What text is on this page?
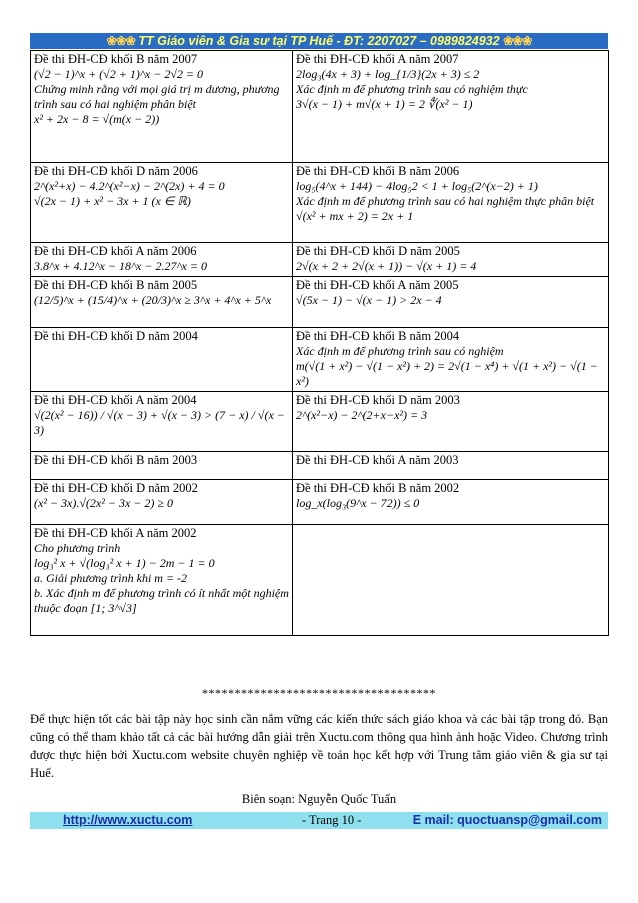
❀❀❀ TT Giáo viên & Gia sư tại TP Huế - ĐT: 2207027 – 0989824932 ❀❀❀
Đề thi ĐH-CĐ khối B năm 2007
(√2 − 1)^x + (√2 + 1)^x − 2√2 = 0
Chứng minh rằng với mọi giá trị m dương, phương trình sau có hai nghiệm phân biệt
x² + 2x − 8 = √(m(x − 2))	Đề thi ĐH-CĐ khối A năm 2007
2log₃(4x + 3) + log_{1/3}(2x + 3) ≤ 2
Xác định m để phương trình sau có nghiệm thực
3√(x − 1) + m√(x + 1) = 2 ∜(x² − 1)

Đề thi ĐH-CĐ khối D năm 2006
2^(x²+x) − 4.2^(x²−x) − 2^(2x) + 4 = 0
√(2x − 1) + x² − 3x + 1 (x ∈ ℝ)	Đề thi ĐH-CĐ khối B năm 2006
log₅(4^x + 144) − 4log₅2 < 1 + log₅(2^(x−2) + 1)
Xác định m để phương trình sau có hai nghiệm thực phân biệt
√(x² + mx + 2) = 2x + 1

Đề thi ĐH-CĐ khối A năm 2006
3.8^x + 4.12^x − 18^x − 2.27^x = 0	Đề thi ĐH-CĐ khối D năm 2005
2√(x + 2 + 2√(x + 1)) − √(x + 1) = 4

Đề thi ĐH-CĐ khối B năm 2005
(12/5)^x + (15/4)^x + (20/3)^x ≥ 3^x + 4^x + 5^x	Đề thi ĐH-CĐ khối A năm 2005
√(5x − 1) − √(x − 1) > 2x − 4

Đề thi ĐH-CĐ khối D năm 2004	Đề thi ĐH-CĐ khối B năm 2004
Xác định m để phương trình sau có nghiệm
m(√(1 + x²) − √(1 − x²) + 2) = 2√(1 − x⁴) + √(1 + x²) − √(1 − x²)

Đề thi ĐH-CĐ khối A năm 2004
√(2(x² − 16)) / √(x − 3) + √(x − 3) > (7 − x) / √(x − 3)	Đề thi ĐH-CĐ khối D năm 2003
2^(x²−x) − 2^(2+x−x²) = 3

Đề thi ĐH-CĐ khối B năm 2003	Đề thi ĐH-CĐ khối A năm 2003

Đề thi ĐH-CĐ khối D năm 2002
(x² − 3x).√(2x² − 3x − 2) ≥ 0	Đề thi ĐH-CĐ khối B năm 2002
log_x(log₃(9^x − 72)) ≤ 0

Đề thi ĐH-CĐ khối A năm 2002
Cho phương trình
log₃² x + √(log₃² x + 1) − 2m − 1 = 0
a. Giải phương trình khi m = -2
b. Xác định m để phương trình có ít nhất một nghiệm thuộc đoạn [1; 3^√3]	

************************************
Để thực hiện tốt các bài tập này học sinh cần nắm vững các kiến thức sách giáo khoa và các bài tập trong đó. Bạn cũng có thể tham khảo tất cả các bài hướng dẫn giải trên Xuctu.com thông qua hình ảnh hoặc Video. Chương trình được thực hiện bởi Xuctu.com website chuyên nghiệp về toán học kết hợp với Trung tâm giáo viên & gia sư tại Huế.
Biên soạn: Nguyễn Quốc Tuấn
http://www.xuctu.com	- Trang 10 -	E mail: quoctuansp@gmail.com
